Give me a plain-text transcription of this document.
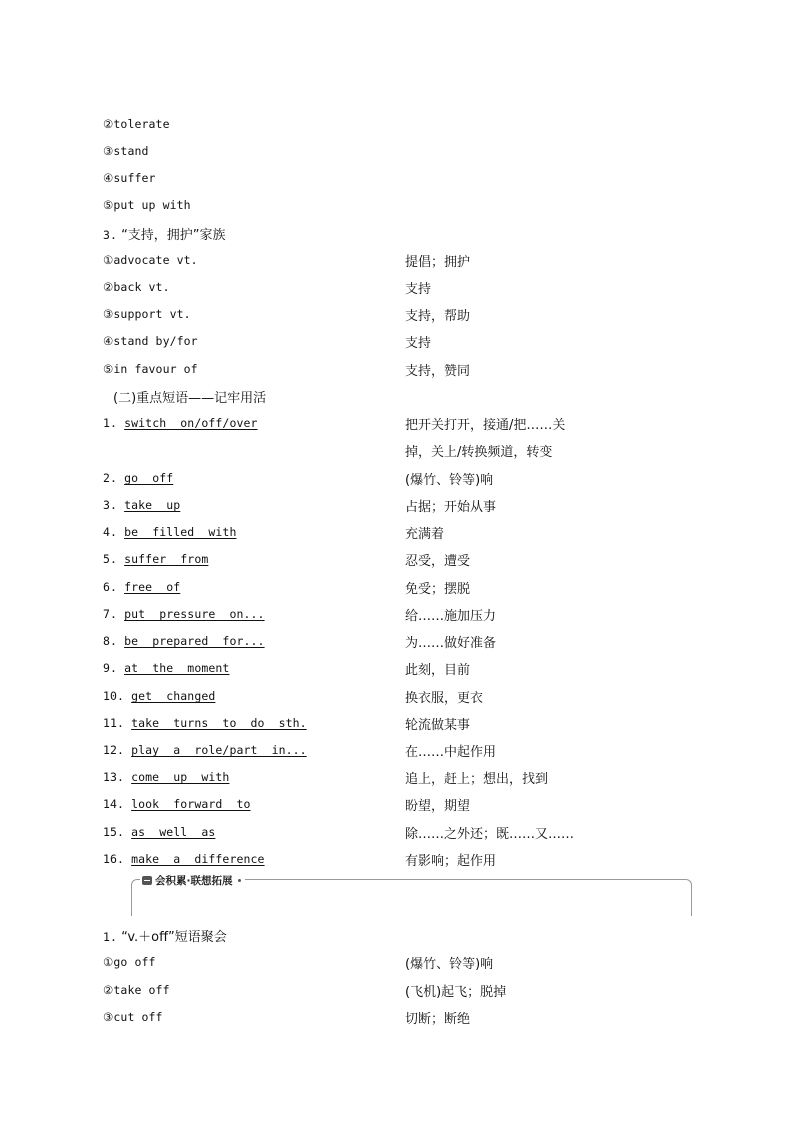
②tolerate
③stand
④suffer
⑤put up with
3. “支持，拥护”家族
①advocate vt.	提倡；拥护
②back vt.	支持
③support vt.	支持，帮助
④stand by/for	支持
⑤in favour of	支持，赞同
(二)重点短语——记牢用活
1. switch  on/off/over	把开关打开，接通/把……关
掉，关上/转换频道，转变
2. go  off	(爆竹、铃等)响
3. take  up	占据；开始从事
4. be  filled  with	充满着
5. suffer  from	忍受，遭受
6. free  of	免受；摆脱
7. put  pressure  on...	给……施加压力
8. be  prepared  for...	为……做好准备
9. at  the  moment	此刻，目前
10. get  changed	换衣服，更衣
11. take  turns  to  do  sth.	轮流做某事
12. play  a  role/part  in...	在……中起作用
13. come  up  with	追上，赶上；想出，找到
14. look  forward  to	盼望，期望
15. as  well  as	除……之外还；既……又……
16. make  a  difference	有影响；起作用
会积累·联想拓展
1. “v.＋off”短语聚会
①go off	(爆竹、铃等)响
②take off	(飞机)起飞；脱掉
③cut off	切断；断绝
